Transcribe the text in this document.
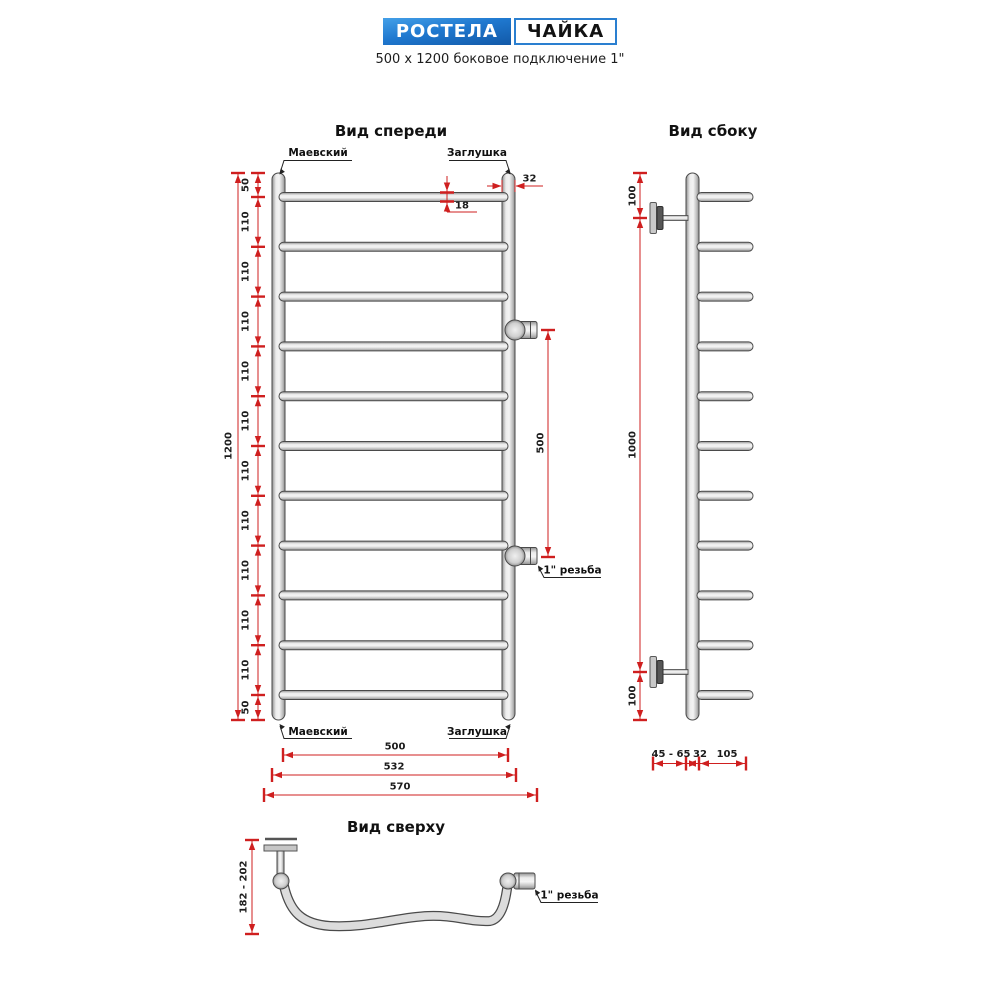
РОСТЕЛА	ЧАЙКА
500 x 1200 боковое подключение 1"
Вид спереди
50
110
110
110
110
110
110
110
110
110
110
50
1200	500
32
18
500
532
570
Маевский	Заглушка
Маевский	Заглушка
1" резьба
Вид сбоку
100
1000
100
45 - 65 32 105
Вид сверху
182 - 202	1" резьба
